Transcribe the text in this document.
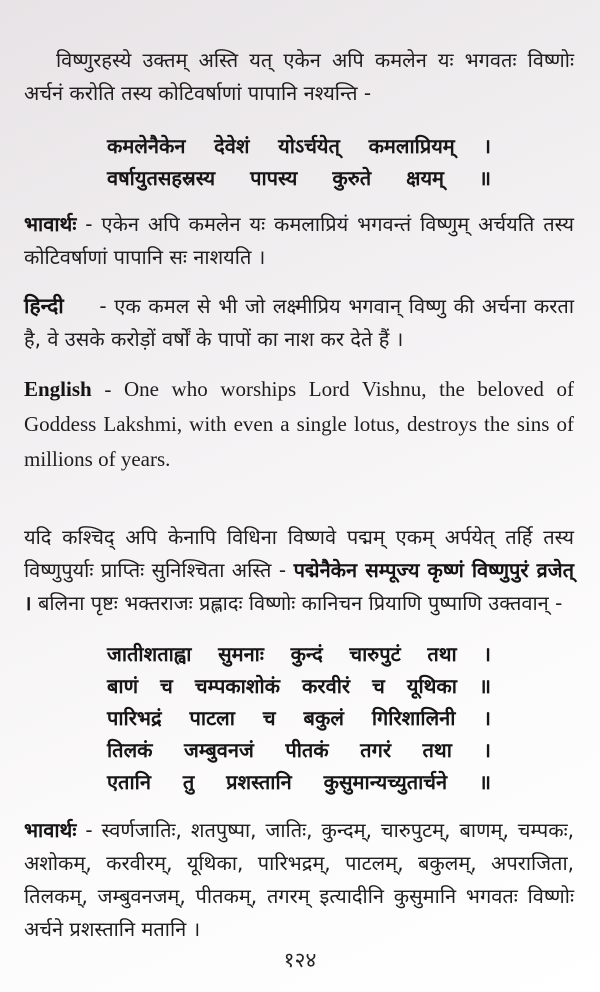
विष्णुरहस्ये उक्तम् अस्ति यत् एकेन अपि कमलेन यः भगवतः विष्णोः अर्चनं करोति तस्य कोटिवर्षाणां पापानि नश्यन्ति -

कमलेनैकेन देवेशं योऽर्चयेत् कमलाप्रियम् ।
वर्षायुतसहस्रस्य पापस्य कुरुते क्षयम् ॥

भावार्थः - एकेन अपि कमलेन यः कमलाप्रियं भगवन्तं विष्णुम् अर्चयति तस्य कोटिवर्षाणां पापानि सः नाशयति ।

हिन्दी - एक कमल से भी जो लक्ष्मीप्रिय भगवान् विष्णु की अर्चना करता है, वे उसके करोड़ों वर्षों के पापों का नाश कर देते हैं ।

English - One who worships Lord Vishnu, the beloved of Goddess Lakshmi, with even a single lotus, destroys the sins of millions of years.

यदि कश्चिद् अपि केनापि विधिना विष्णवे पद्मम् एकम् अर्पयेत् तर्हि तस्य विष्णुपुर्याः प्राप्तिः सुनिश्चिता अस्ति - पद्मेनैकेन सम्पूज्य कृष्णं विष्णुपुरं व्रजेत् । बलिना पृष्टः भक्तराजः प्रह्लादः विष्णोः कानिचन प्रियाणि पुष्पाणि उक्तवान् -

जातीशताह्वा सुमनाः कुन्दं चारुपुटं तथा ।
बाणं च चम्पकाशोकं करवीरं च यूथिका ॥
पारिभद्रं पाटला च बकुलं गिरिशालिनी ।
तिलकं जम्बुवनजं पीतकं तगरं तथा ।
एतानि तु प्रशस्तानि कुसुमान्यच्युतार्चने ॥

भावार्थः - स्वर्णजातिः, शतपुष्पा, जातिः, कुन्दम्, चारुपुटम्, बाणम्, चम्पकः, अशोकम्, करवीरम्, यूथिका, पारिभद्रम्, पाटलम्, बकुलम्, अपराजिता, तिलकम्, जम्बुवनजम्, पीतकम्, तगरम् इत्यादीनि कुसुमानि भगवतः विष्णोः अर्चने प्रशस्तानि मतानि ।

१२४
